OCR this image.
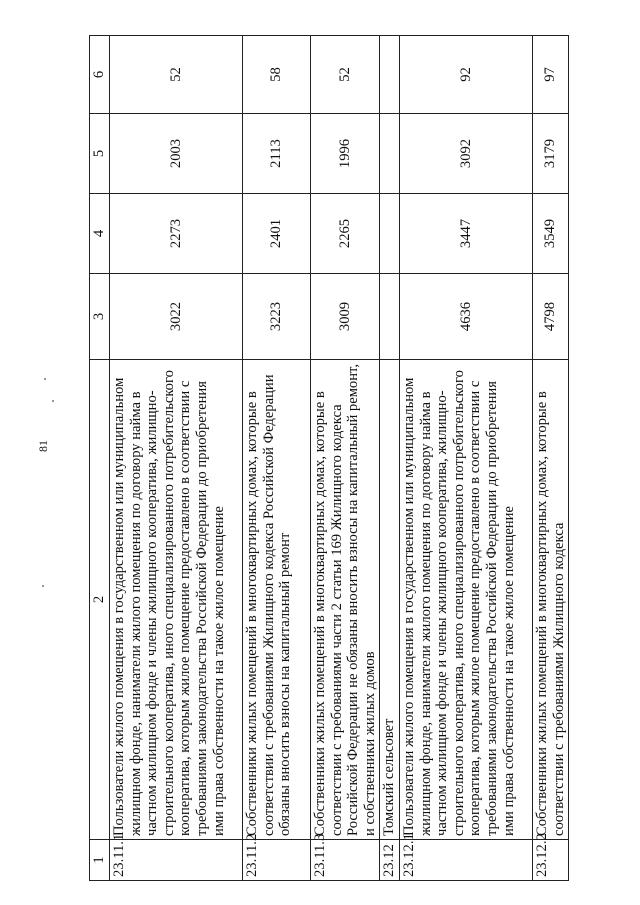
81
1	2	3	4	5	6
23.11.1	Пользователи жилого помещения в государственном или муниципальном жилищном фонде, наниматели жилого помещения по договору найма в частном жилищном фонде и члены жилищного кооператива, жилищно-строительного кооператива, иного специализированного потребительского кооператива, которым жилое помещение предоставлено в соответствии с требованиями законодательства Российской Федерации до приобретения ими права собственности на такое жилое помещение	3022	2273	2003	52
23.11.2	Собственники жилых помещений в многоквартирных домах, которые в соответствии с требованиями Жилищного кодекса Российской Федерации обязаны вносить взносы на капитальный ремонт	3223	2401	2113	58
23.11.3	Собственники жилых помещений в многоквартирных домах, которые в соответствии с требованиями части 2 статьи 169 Жилищного кодекса Российской Федерации не обязаны вносить взносы на капитальный ремонт, и собственники жилых домов	3009	2265	1996	52
23.12	Томский сельсовет				
23.12.1	Пользователи жилого помещения в государственном или муниципальном жилищном фонде, наниматели жилого помещения по договору найма в частном жилищном фонде и члены жилищного кооператива, жилищно-строительного кооператива, иного специализированного потребительского кооператива, которым жилое помещение предоставлено в соответствии с требованиями законодательства Российской Федерации до приобретения ими права собственности на такое жилое помещение	4636	3447	3092	92
23.12.2	Собственники жилых помещений в многоквартирных домах, которые в соответствии с требованиями Жилищного кодекса	4798	3549	3179	97
